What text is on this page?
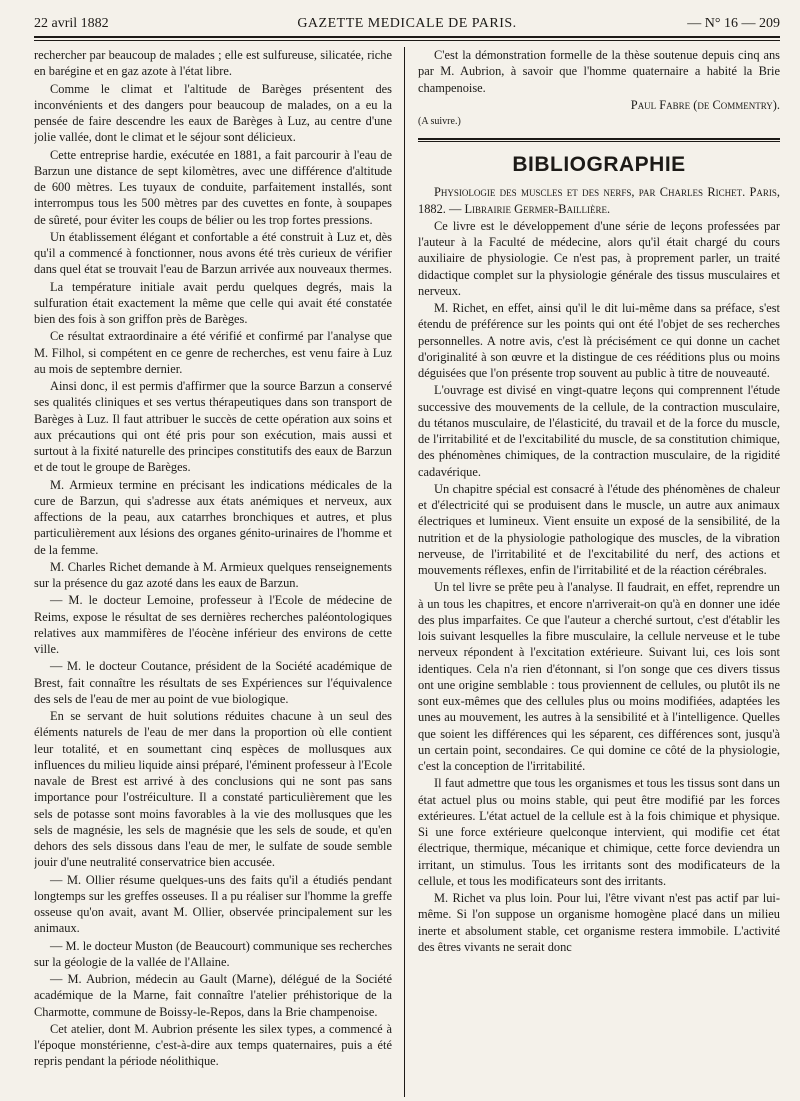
22 avril 1882	GAZETTE MEDICALE DE PARIS.	— N° 16 — 209

rechercher par beaucoup de malades ; elle est sulfureuse, silicatée, riche en barégine et en gaz azote à l'état libre.

Comme le climat et l'altitude de Barèges présentent des inconvénients et des dangers pour beaucoup de malades, on a eu la pensée de faire descendre les eaux de Barèges à Luz, au centre d'une jolie vallée, dont le climat et le séjour sont délicieux.

Cette entreprise hardie, exécutée en 1881, a fait parcourir à l'eau de Barzun une distance de sept kilomètres, avec une différence d'altitude de 600 mètres. Les tuyaux de conduite, parfaitement installés, sont interrompus tous les 500 mètres par des cuvettes en fonte, à soupapes de sûreté, pour éviter les coups de bélier ou les trop fortes pressions.

Un établissement élégant et confortable a été construit à Luz et, dès qu'il a commencé à fonctionner, nous avons été très curieux de vérifier dans quel état se trouvait l'eau de Barzun arrivée aux nouveaux thermes.

La température initiale avait perdu quelques degrés, mais la sulfuration était exactement la même que celle qui avait été constatée bien des fois à son griffon près de Barèges.

Ce résultat extraordinaire a été vérifié et confirmé par l'analyse que M. Filhol, si compétent en ce genre de recherches, est venu faire à Luz au mois de septembre dernier.

Ainsi donc, il est permis d'affirmer que la source Barzun a conservé ses qualités cliniques et ses vertus thérapeutiques dans son transport de Barèges à Luz. Il faut attribuer le succès de cette opération aux soins et aux précautions qui ont été pris pour son exécution, mais aussi et surtout à la fixité naturelle des principes constitutifs des eaux de Barzun et de tout le groupe de Barèges.

M. Armieux termine en précisant les indications médicales de la cure de Barzun, qui s'adresse aux états anémiques et nerveux, aux affections de la peau, aux catarrhes bronchiques et autres, et plus particulièrement aux lésions des organes génito-urinaires de l'homme et de la femme.

M. Charles Richet demande à M. Armieux quelques renseignements sur la présence du gaz azoté dans les eaux de Barzun.

— M. le docteur Lemoine, professeur à l'Ecole de médecine de Reims, expose le résultat de ses dernières recherches paléontologiques relatives aux mammifères de l'éocène inférieur des environs de cette ville.

— M. le docteur Coutance, président de la Société académique de Brest, fait connaître les résultats de ses Expériences sur l'équivalence des sels de l'eau de mer au point de vue biologique.

En se servant de huit solutions réduites chacune à un seul des éléments naturels de l'eau de mer dans la proportion où elle contient leur totalité, et en soumettant cinq espèces de mollusques aux influences du milieu liquide ainsi préparé, l'éminent professeur à l'Ecole navale de Brest est arrivé à des conclusions qui ne sont pas sans importance pour l'ostréiculture. Il a constaté particulièrement que les sels de potasse sont moins favorables à la vie des mollusques que les sels de magnésie, les sels de magnésie que les sels de soude, et qu'en dehors des sels dissous dans l'eau de mer, le sulfate de soude semble jouir d'une neutralité conservatrice bien accusée.

— M. Ollier résume quelques-uns des faits qu'il a étudiés pendant longtemps sur les greffes osseuses. Il a pu réaliser sur l'homme la greffe osseuse qu'on avait, avant M. Ollier, observée principalement sur les animaux.

— M. le docteur Muston (de Beaucourt) communique ses recherches sur la géologie de la vallée de l'Allaine.

— M. Aubrion, médecin au Gault (Marne), délégué de la Société académique de la Marne, fait connaître l'atelier préhistorique de la Charmotte, commune de Boissy-le-Repos, dans la Brie champenoise.

Cet atelier, dont M. Aubrion présente les silex types, a commencé à l'époque monstérienne, c'est-à-dire aux temps quaternaires, puis a été repris pendant la période néolithique.

C'est la démonstration formelle de la thèse soutenue depuis cinq ans par M. Aubrion, à savoir que l'homme quaternaire a habité la Brie champenoise.

Paul Fabre (de Commentry).

(A suivre.)

BIBLIOGRAPHIE

Physiologie des muscles et des nerfs, par Charles Richet. Paris, 1882. — Librairie Germer-Baillière.

Ce livre est le développement d'une série de leçons professées par l'auteur à la Faculté de médecine, alors qu'il était chargé du cours auxiliaire de physiologie. Ce n'est pas, à proprement parler, un traité didactique complet sur la physiologie générale des tissus musculaires et nerveux.

M. Richet, en effet, ainsi qu'il le dit lui-même dans sa préface, s'est étendu de préférence sur les points qui ont été l'objet de ses recherches personnelles. A notre avis, c'est là précisément ce qui donne un cachet d'originalité à son œuvre et la distingue de ces rééditions plus ou moins déguisées que l'on présente trop souvent au public à titre de nouveauté.

L'ouvrage est divisé en vingt-quatre leçons qui comprennent l'étude successive des mouvements de la cellule, de la contraction musculaire, du tétanos musculaire, de l'élasticité, du travail et de la force du muscle, de l'irritabilité et de l'excitabilité du muscle, de sa constitution chimique, des phénomènes chimiques, de la contraction musculaire, de la rigidité cadavérique.

Un chapitre spécial est consacré à l'étude des phénomènes de chaleur et d'électricité qui se produisent dans le muscle, un autre aux animaux électriques et lumineux. Vient ensuite un exposé de la sensibilité, de la nutrition et de la physiologie pathologique des muscles, de la vibration nerveuse, de l'irritabilité et de l'excitabilité du nerf, des actions et mouvements réflexes, enfin de l'irritabilité et de la réaction cérébrales.

Un tel livre se prête peu à l'analyse. Il faudrait, en effet, reprendre un à un tous les chapitres, et encore n'arriverait-on qu'à en donner une idée des plus imparfaites. Ce que l'auteur a cherché surtout, c'est d'établir les lois suivant lesquelles la fibre musculaire, la cellule nerveuse et le tube nerveux répondent à l'excitation extérieure. Suivant lui, ces lois sont identiques. Cela n'a rien d'étonnant, si l'on songe que ces divers tissus ont une origine semblable : tous proviennent de cellules, ou plutôt ils ne sont eux-mêmes que des cellules plus ou moins modifiées, adaptées les unes au mouvement, les autres à la sensibilité et à l'intelligence. Quelles que soient les différences qui les séparent, ces différences sont, jusqu'à un certain point, secondaires. Ce qui domine ce côté de la physiologie, c'est la conception de l'irritabilité.

Il faut admettre que tous les organismes et tous les tissus sont dans un état actuel plus ou moins stable, qui peut être modifié par les forces extérieures. L'état actuel de la cellule est à la fois chimique et physique. Si une force extérieure quelconque intervient, qui modifie cet état électrique, thermique, mécanique et chimique, cette force deviendra un irritant, un stimulus. Tous les irritants sont des modificateurs de la cellule, et tous les modificateurs sont des irritants.

M. Richet va plus loin. Pour lui, l'être vivant n'est pas actif par lui-même. Si l'on suppose un organisme homogène placé dans un milieu inerte et absolument stable, cet organisme restera immobile. L'activité des êtres vivants ne serait donc
